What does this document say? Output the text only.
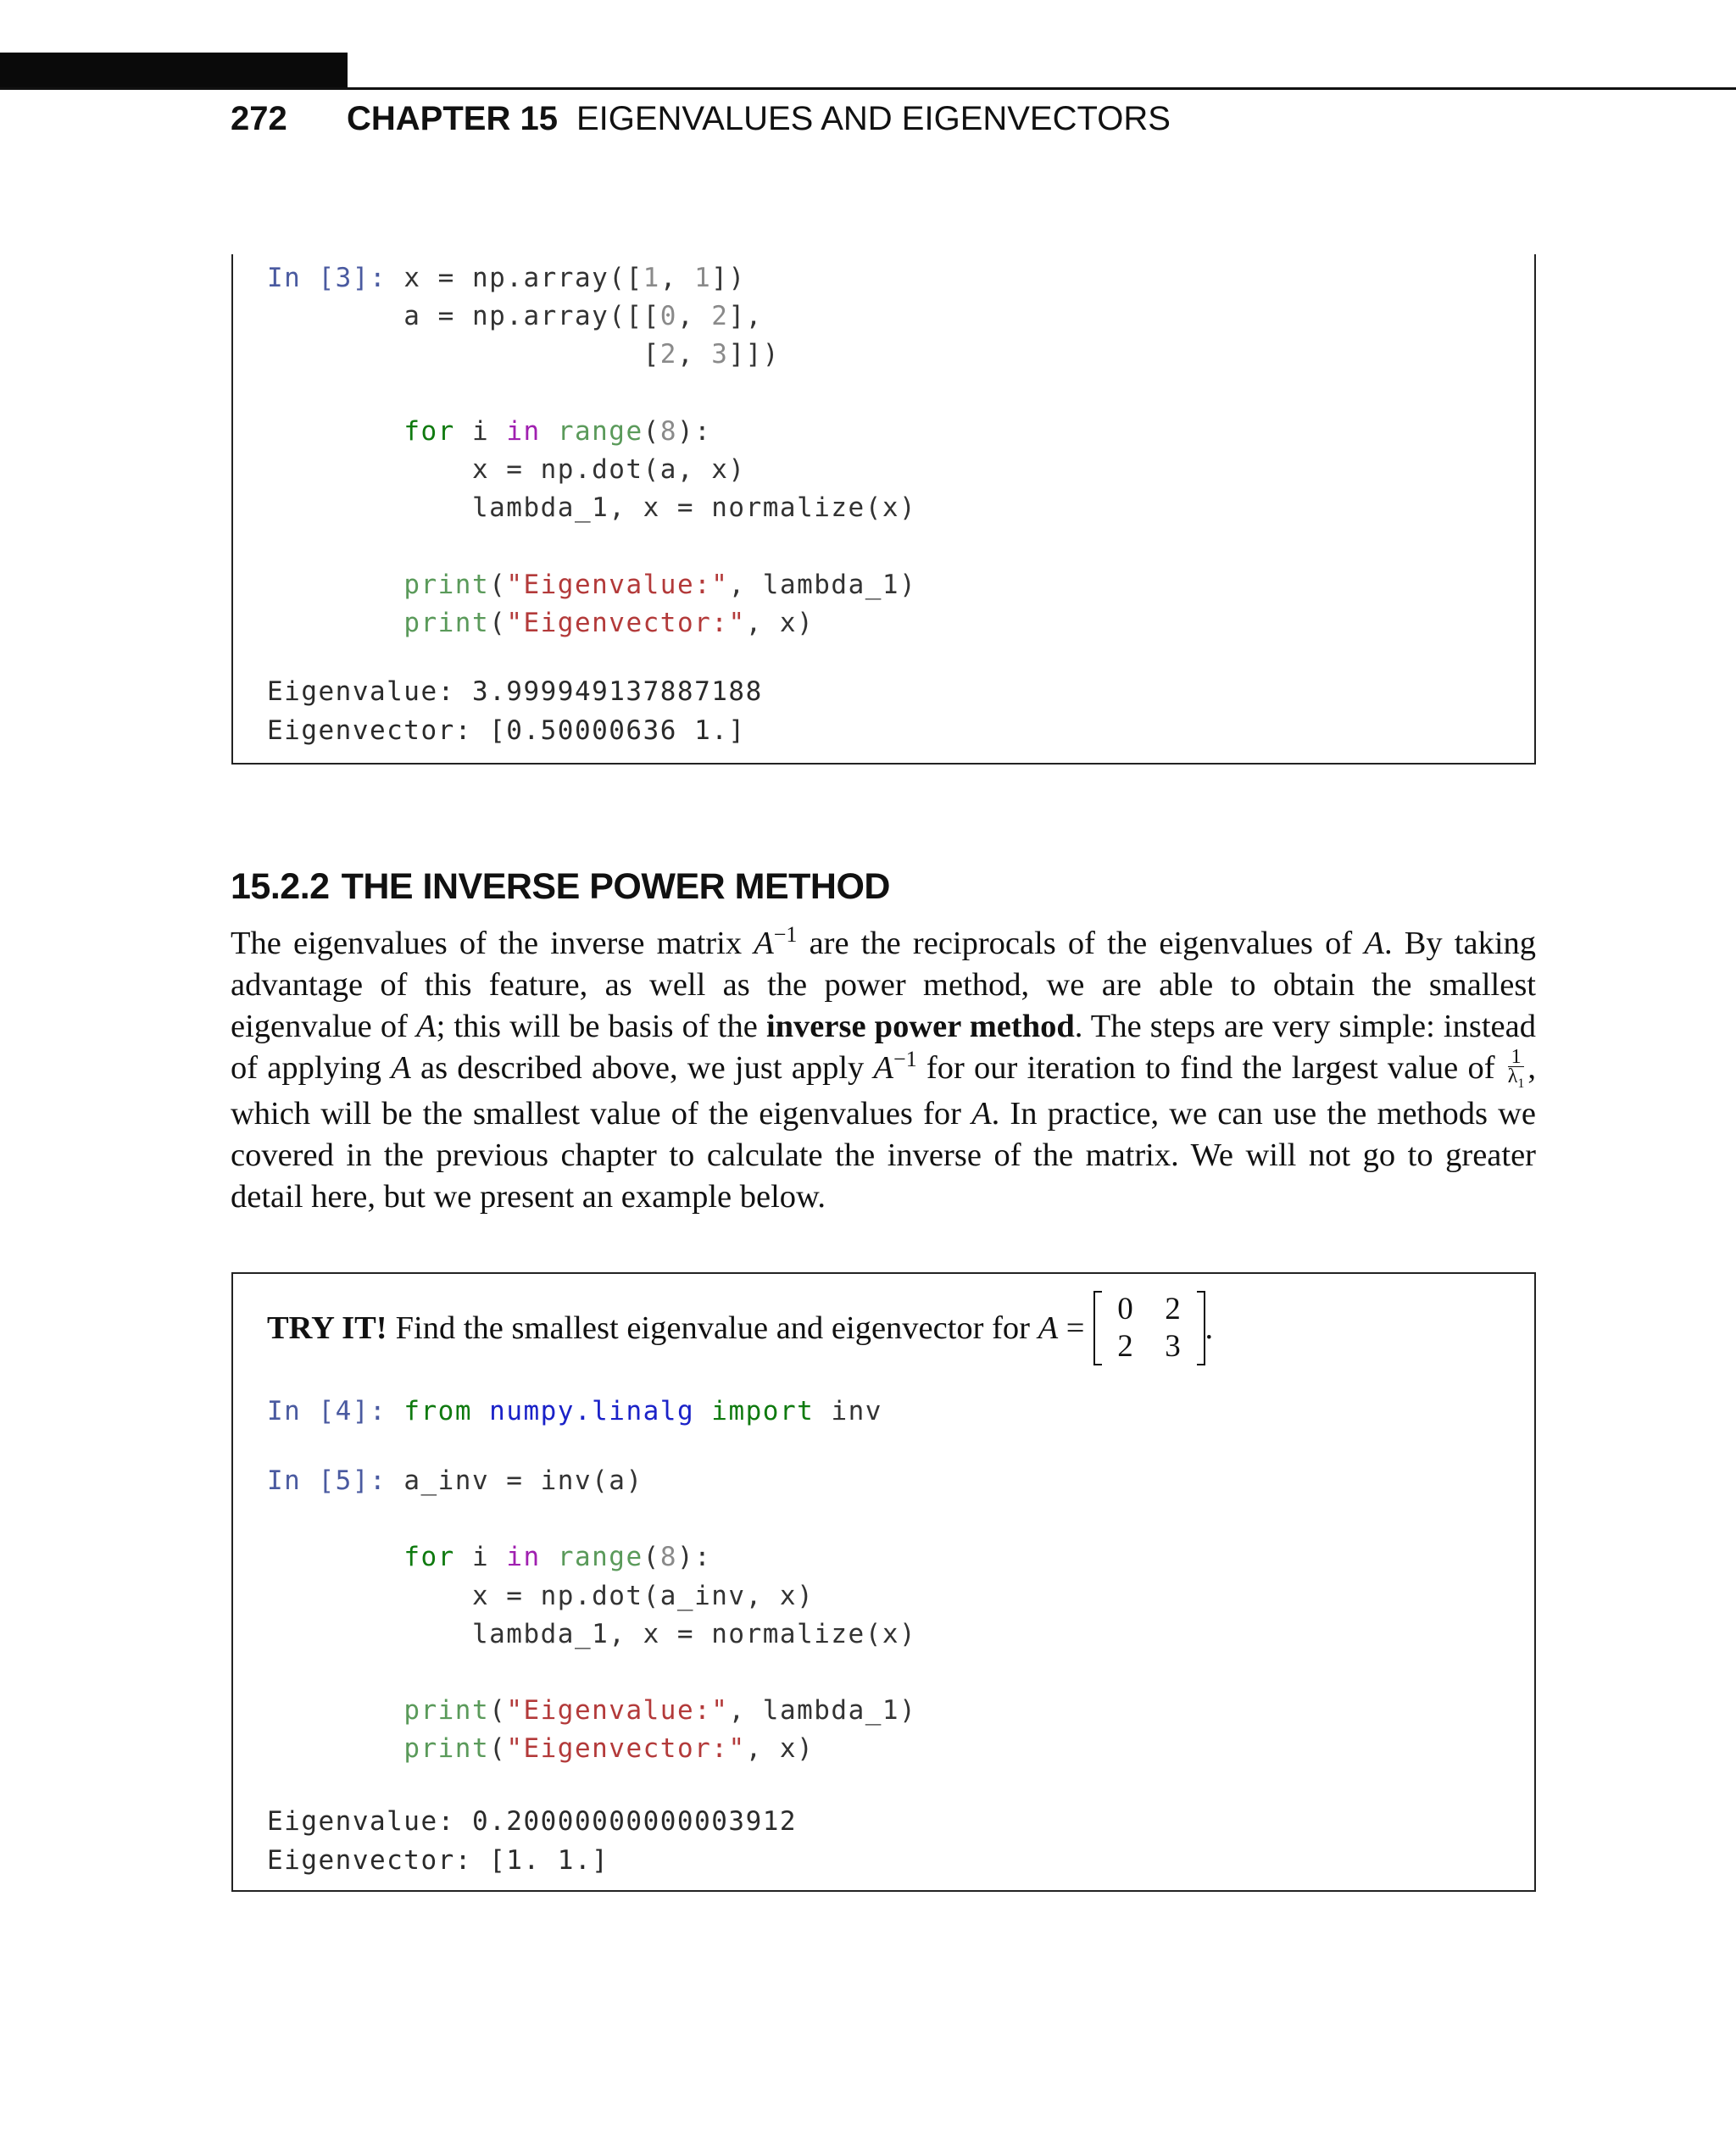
272	CHAPTER 15 EIGENVALUES AND EIGENVECTORS
In [3]: x = np.array([1, 1])
a = np.array([[0, 2],
[2, 3]])

for i in range(8):
x = np.dot(a, x)
lambda_1, x = normalize(x)

print("Eigenvalue:", lambda_1)
print("Eigenvector:", x)
Eigenvalue: 3.999949137887188
Eigenvector: [0.50000636 1.]
15.2.2 THE INVERSE POWER METHOD

The eigenvalues of the inverse matrix $A^{-1}$ are the reciprocals of the eigenvalues of A. By taking advantage of this feature, as well as the power method, we are able to obtain the smallest eigenvalue of A; this will be basis of the inverse power method. The steps are very simple: instead of applying A as described above, we just apply $A^{-1}$ for our iteration to find the largest value of $\frac{1}{\lambda_1}$ , which will be the smallest value of the eigenvalues for A. In practice, we can use the methods we covered in the previous chapter to calculate the inverse of the matrix. We will not go to greater detail here, but we present an example below.

TRY IT! Find the smallest eigenvalue and eigenvector for
A =
0	2
2	3
.
In [4]: from numpy.linalg import inv
In [5]: a_inv = inv(a)

for i in range(8):
x = np.dot(a_inv, x)
lambda_1, x = normalize(x)

print("Eigenvalue:", lambda_1)
print("Eigenvector:", x)
Eigenvalue: 0.20000000000003912
Eigenvector: [1. 1.]
